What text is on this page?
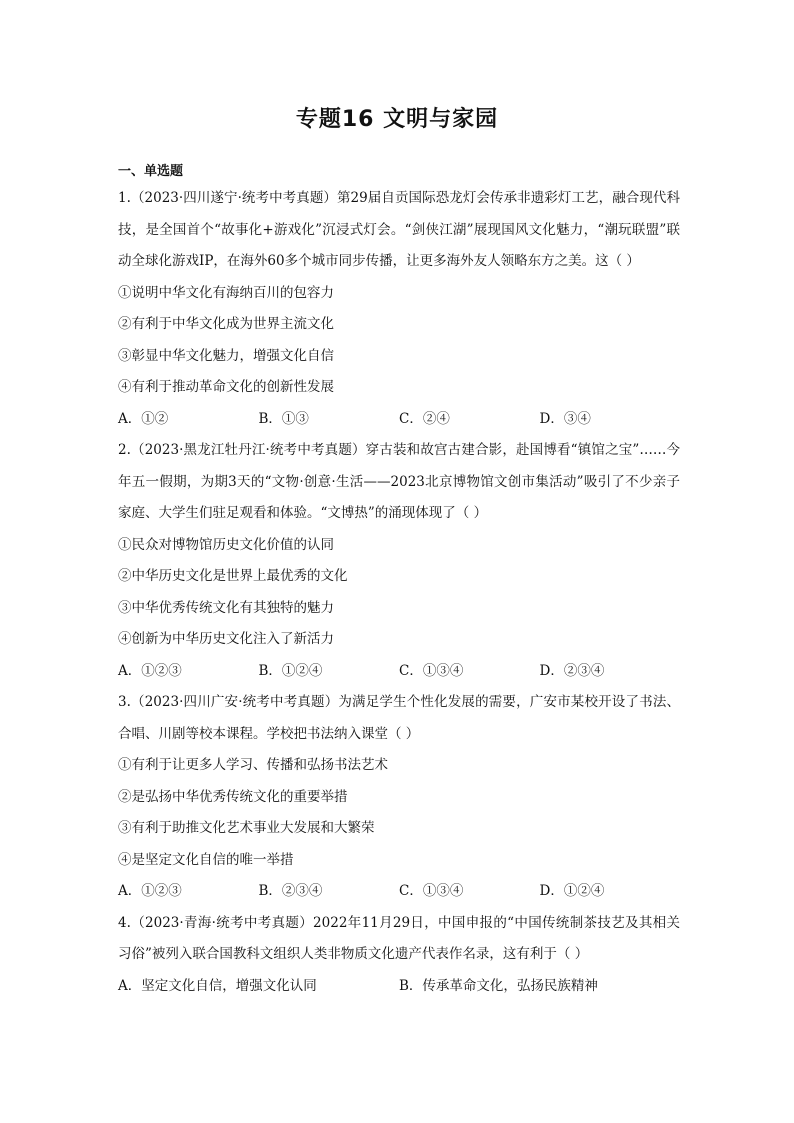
专题16 文明与家园
一、单选题

1.（2023·四川遂宁·统考中考真题）第29届自贡国际恐龙灯会传承非遗彩灯工艺，融合现代科技，是全国首个“故事化+游戏化”沉浸式灯会。“剑侠江湖”展现国风文化魅力，“潮玩联盟”联动全球化游戏IP，在海外60多个城市同步传播，让更多海外友人领略东方之美。这（ ）

①说明中华文化有海纳百川的包容力

②有利于中华文化成为世界主流文化

③彰显中华文化魅力，增强文化自信

④有利于推动革命文化的创新性发展

A．①②	B．①③	C．②④	D．③④

2.（2023·黑龙江牡丹江·统考中考真题）穿古装和故宫古建合影，赴国博看“镇馆之宝”……今年五一假期，为期3天的“文物·创意·生活——2023北京博物馆文创市集活动”吸引了不少亲子家庭、大学生们驻足观看和体验。“文博热”的涌现体现了（ ）

①民众对博物馆历史文化价值的认同

②中华历史文化是世界上最优秀的文化

③中华优秀传统文化有其独特的魅力

④创新为中华历史文化注入了新活力

A．①②③	B．①②④	C．①③④	D．②③④

3.（2023·四川广安·统考中考真题）为满足学生个性化发展的需要，广安市某校开设了书法、合唱、川剧等校本课程。学校把书法纳入课堂（ ）

①有利于让更多人学习、传播和弘扬书法艺术

②是弘扬中华优秀传统文化的重要举措

③有利于助推文化艺术事业大发展和大繁荣

④是坚定文化自信的唯一举措

A．①②③	B．②③④	C．①③④	D．①②④

4.（2023·青海·统考中考真题）2022年11月29日，中国申报的“中国传统制茶技艺及其相关习俗”被列入联合国教科文组织人类非物质文化遗产代表作名录，这有利于（ ）

A．坚定文化自信，增强文化认同	B．传承革命文化，弘扬民族精神
